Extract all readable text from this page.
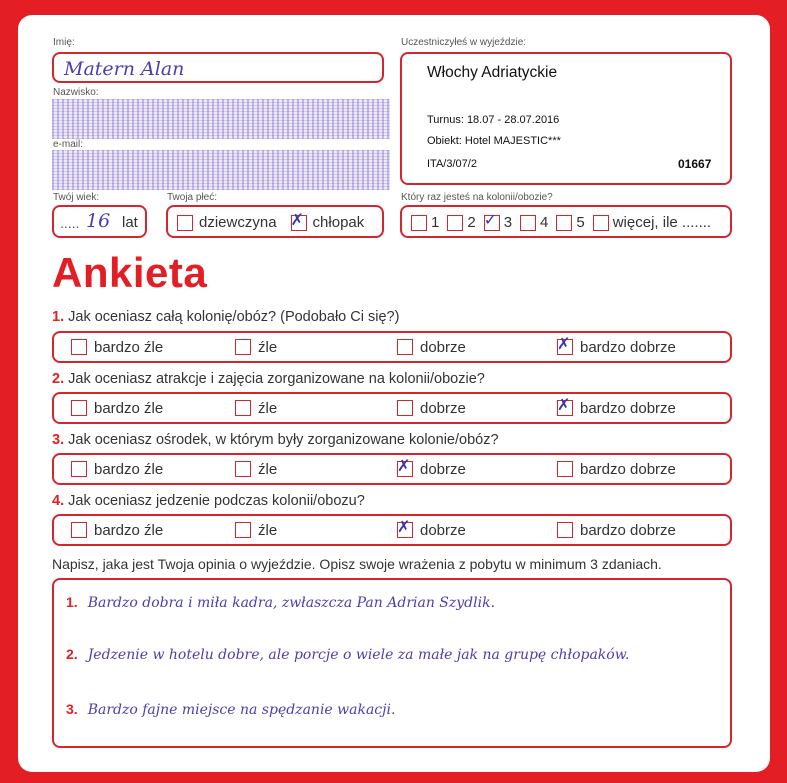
Imię:
Matern Alan
Nazwisko:
e-mail:
Twój wiek:
..... 16 lat
Twoja płeć:
dziewczyna ✗ chłopak
Uczestniczyłeś w wyjeździe:
Włochy Adriatyckie
Turnus: 18.07 - 28.07.2016
Obiekt: Hotel MAJESTIC***
ITA/3/07/2	01667
Który raz jesteś na kolonii/obozie?
1 2 ✓ 3 4 5 więcej, ile .......
Ankieta
1. Jak oceniasz całą kolonię/obóz? (Podobało Ci się?)
bardzo źle	źle	dobrze	✗ bardzo dobrze
2. Jak oceniasz atrakcje i zajęcia zorganizowane na kolonii/obozie?
bardzo źle	źle	dobrze	✗ bardzo dobrze
3. Jak oceniasz ośrodek, w którym były zorganizowane kolonie/obóz?
bardzo źle	źle	✗ dobrze	bardzo dobrze
4. Jak oceniasz jedzenie podczas kolonii/obozu?
bardzo źle	źle	✗ dobrze	bardzo dobrze
Napisz, jaka jest Twoja opinia o wyjeździe. Opisz swoje wrażenia z pobytu w minimum 3 zdaniach.
1. Bardzo dobra i miła kadra, zwłaszcza Pan Adrian Szydlik.
2. Jedzenie w hotelu dobre, ale porcje o wiele za małe jak na grupę chłopaków.
3. Bardzo fajne miejsce na spędzanie wakacji.
